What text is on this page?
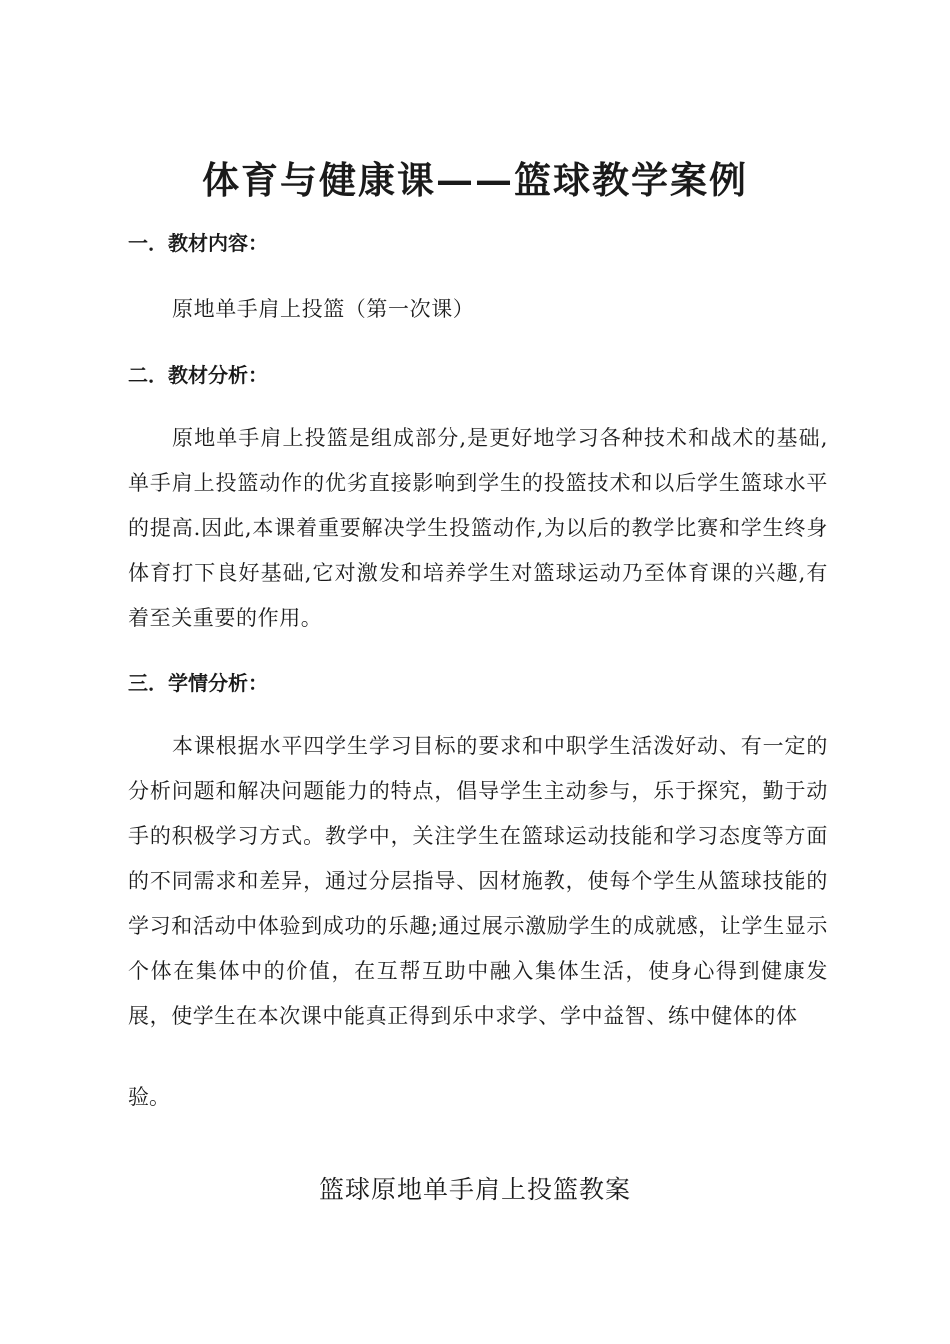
体育与健康课——篮球教学案例
一．教材内容：
原地单手肩上投篮（第一次课）
二．教材分析：
原地单手肩上投篮是组成部分,是更好地学习各种技术和战术的基础,单手肩上投篮动作的优劣直接影响到学生的投篮技术和以后学生篮球水平的提高.因此,本课着重要解决学生投篮动作,为以后的教学比赛和学生终身体育打下良好基础,它对激发和培养学生对篮球运动乃至体育课的兴趣,有着至关重要的作用。
三．学情分析：
本课根据水平四学生学习目标的要求和中职学生活泼好动、有一定的分析问题和解决问题能力的特点，倡导学生主动参与，乐于探究，勤于动手的积极学习方式。教学中，关注学生在篮球运动技能和学习态度等方面的不同需求和差异，通过分层指导、因材施教，使每个学生从篮球技能的学习和活动中体验到成功的乐趣;通过展示激励学生的成就感，让学生显示个体在集体中的价值，在互帮互助中融入集体生活，使身心得到健康发展，使学生在本次课中能真正得到乐中求学、学中益智、练中健体的体
验。
篮球原地单手肩上投篮教案
